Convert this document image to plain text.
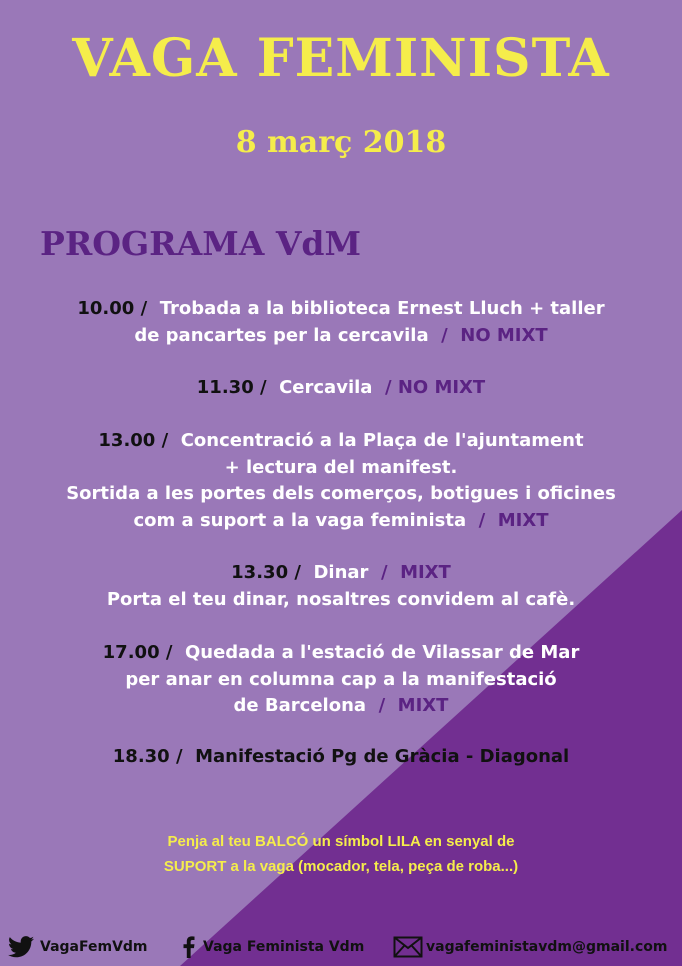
VAGA FEMINISTA
8 març 2018
PROGRAMA VdM
10.00 /  Trobada a la biblioteca Ernest Lluch + taller
de pancartes per la cercavila  /  NO MIXT
11.30 /  Cercavila  / NO MIXT
13.00 /  Concentració a la Plaça de l'ajuntament
+ lectura del manifest.
Sortida a les portes dels comerços, botigues i oficines
com a suport a la vaga feminista  /  MIXT
13.30 /  Dinar  /  MIXT
Porta el teu dinar, nosaltres convidem al cafè.
17.00 /  Quedada a l'estació de Vilassar de Mar
per anar en columna cap a la manifestació
de Barcelona  /  MIXT
18.30 /  Manifestació Pg de Gràcia - Diagonal
Penja al teu BALCÓ un símbol LILA en senyal de
SUPORT a la vaga (mocador, tela, peça de roba...)
VagaFemVdm	Vaga Feminista Vdm	vagafeministavdm@gmail.com
